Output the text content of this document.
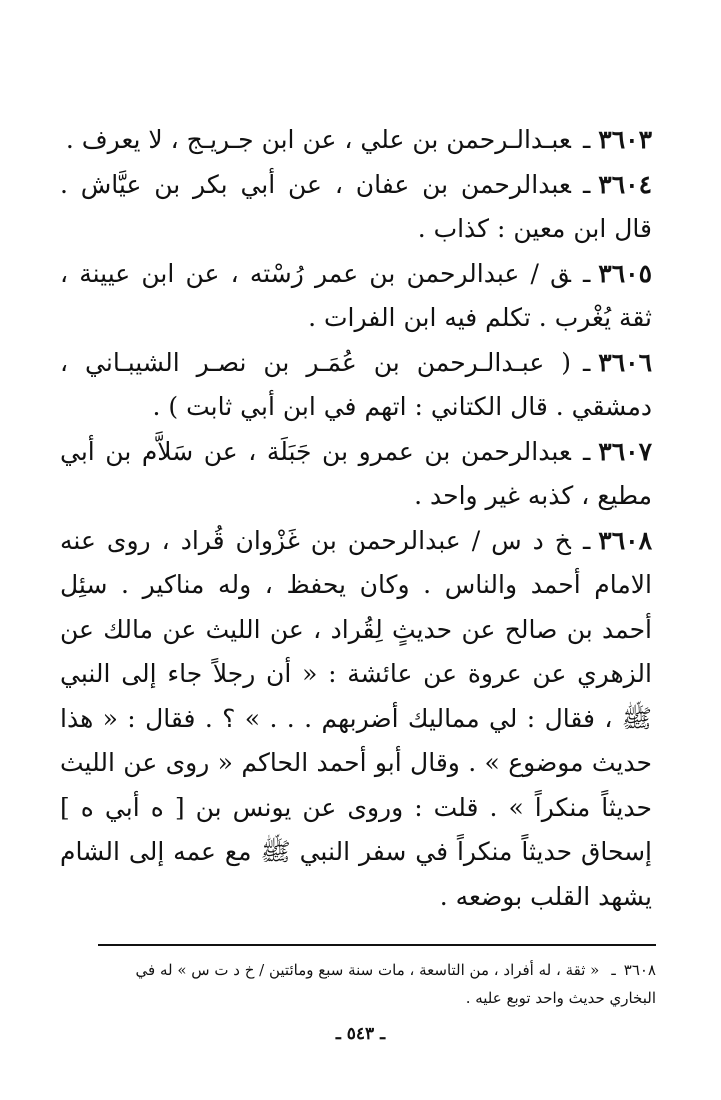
٣٦٠٣ـعبـدالـرحمن بن علي ، عن ابن جـريـج ، لا يعرف .

٣٦٠٤ـعبدالرحمن بن عفان ، عن أبي بكر بن عيَّاش . قال ابن معين : كذاب .

٣٦٠٥ـق / عبدالرحمن بن عمر رُسْته ، عن ابن عيينة ، ثقة يُغْرب . تكلم فيه ابن الفرات .

٣٦٠٦ـ( عبـدالـرحمن بن عُمَـر بن نصـر الشيبـاني ، دمشقي . قال الكتاني : اتهم في ابن أبي ثابت ) .

٣٦٠٧ـعبدالرحمن بن عمرو بن جَبَلَة ، عن سَلاَّم بن أبي مطيع ، كذبه غير واحد .

٣٦٠٨ـخ د س / عبدالرحمن بن غَزْوان قُراد ، روى عنه الامام أحمد والناس . وكان يحفظ ، وله مناكير . سئِل أحمد بن صالح عن حديثٍ لِقُراد ، عن الليث عن مالك عن الزهري عن عروة عن عائشة : « أن رجلاً جاء إلى النبي ﷺ ، فقال : لي مماليك أضربهم . . . » ؟ . فقال : « هذا حديث موضوع » . وقال أبو أحمد الحاكم « روى عن الليث حديثاً منكراً » . قلت : وروى عن يونس بن [ ه أبي ه ] إسحاق حديثاً منكراً في سفر النبي ﷺ مع عمه إلى الشام يشهد القلب بوضعه .

٣٦٠٨ـ« ثقة ، له أفراد ، من التاسعة ، مات سنة سبع ومائتين / خ د ت س » له في البخاري حديث واحد توبع عليه .
ـ ٥٤٣ ـ
